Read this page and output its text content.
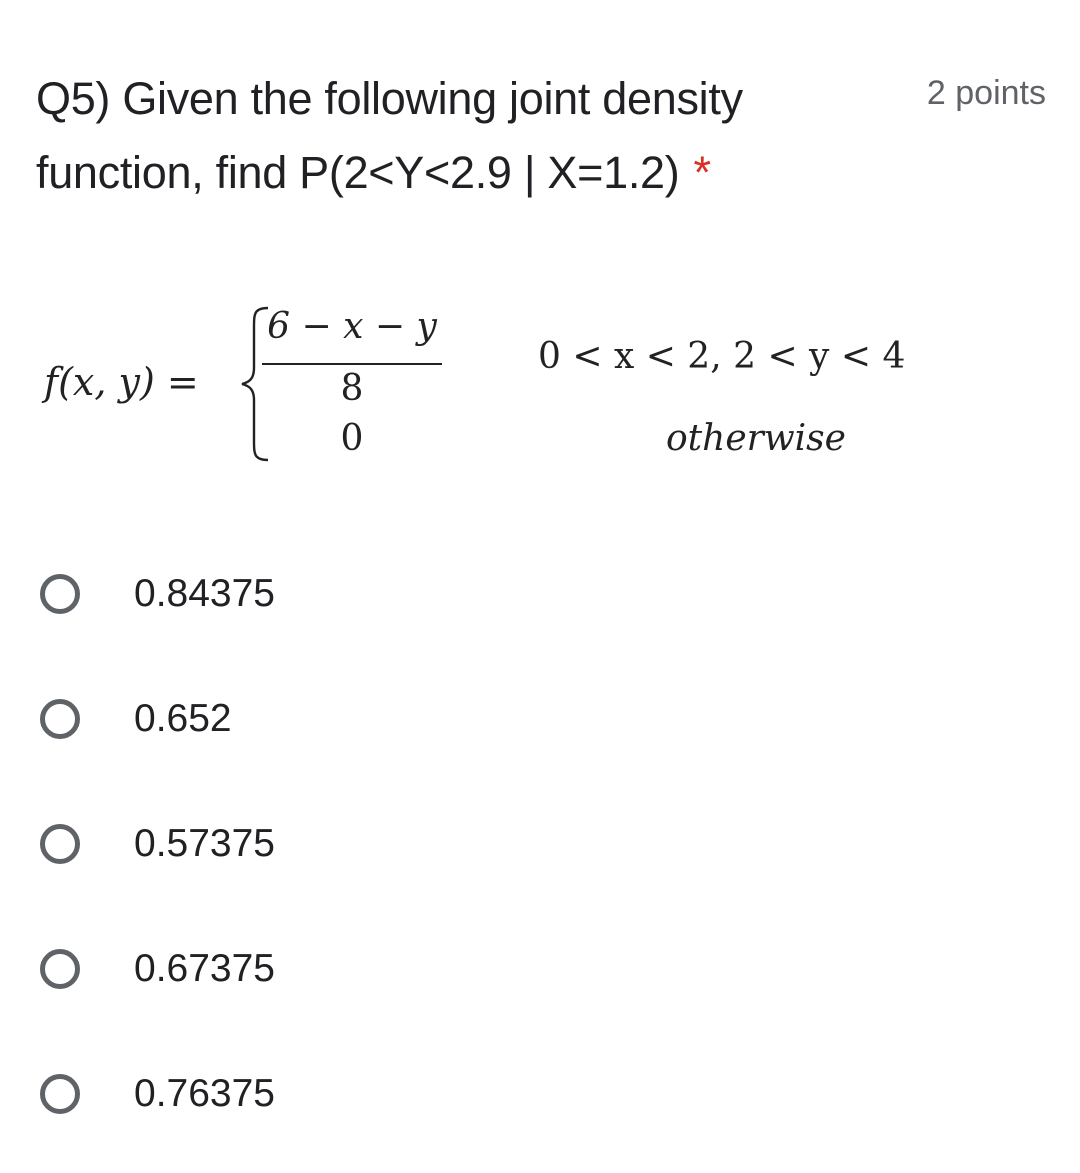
Q5) Given the following joint density
function, find P(2<Y<2.9 | X=1.2) *
2 points
f(x, y) =
6 − x − y
8
0
0 < x < 2, 2 < y < 4
otherwise
0.84375
0.652
0.57375
0.67375
0.76375
